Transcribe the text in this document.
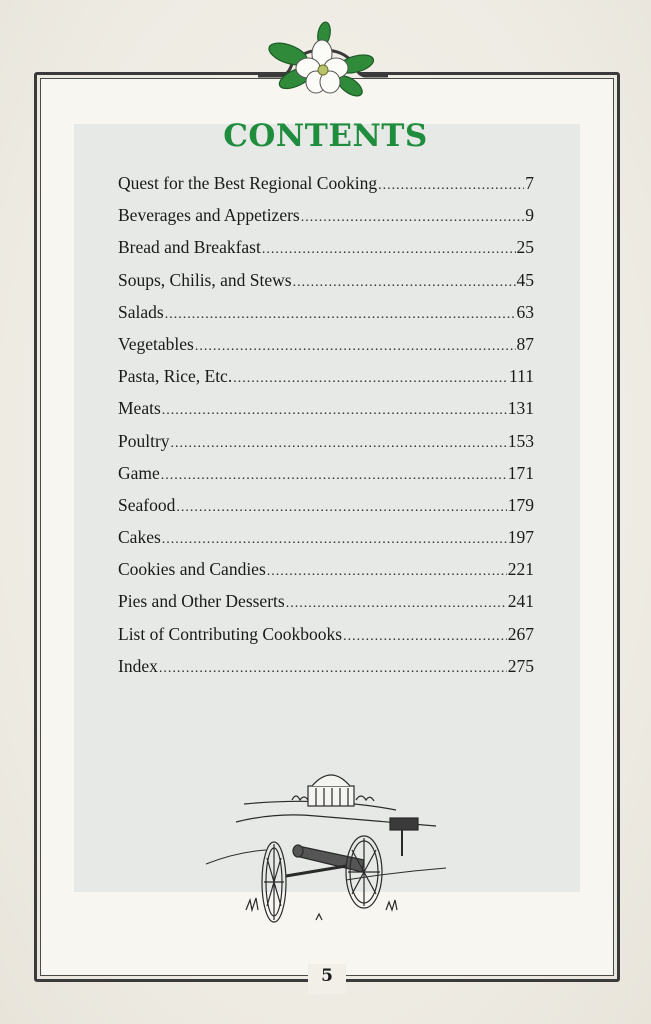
CONTENTS
Quest for the Best Regional Cooking .....	7
Beverages and Appetizers .....	9
Bread and Breakfast .....	25
Soups, Chilis, and Stews .....	45
Salads .....	63
Vegetables .....	87
Pasta, Rice, Etc. .....	111
Meats .....	131
Poultry .....	153
Game .....	171
Seafood .....	179
Cakes .....	197
Cookies and Candies .....	221
Pies and Other Desserts .....	241
List of Contributing Cookbooks .....	267
Index .....	275
5
